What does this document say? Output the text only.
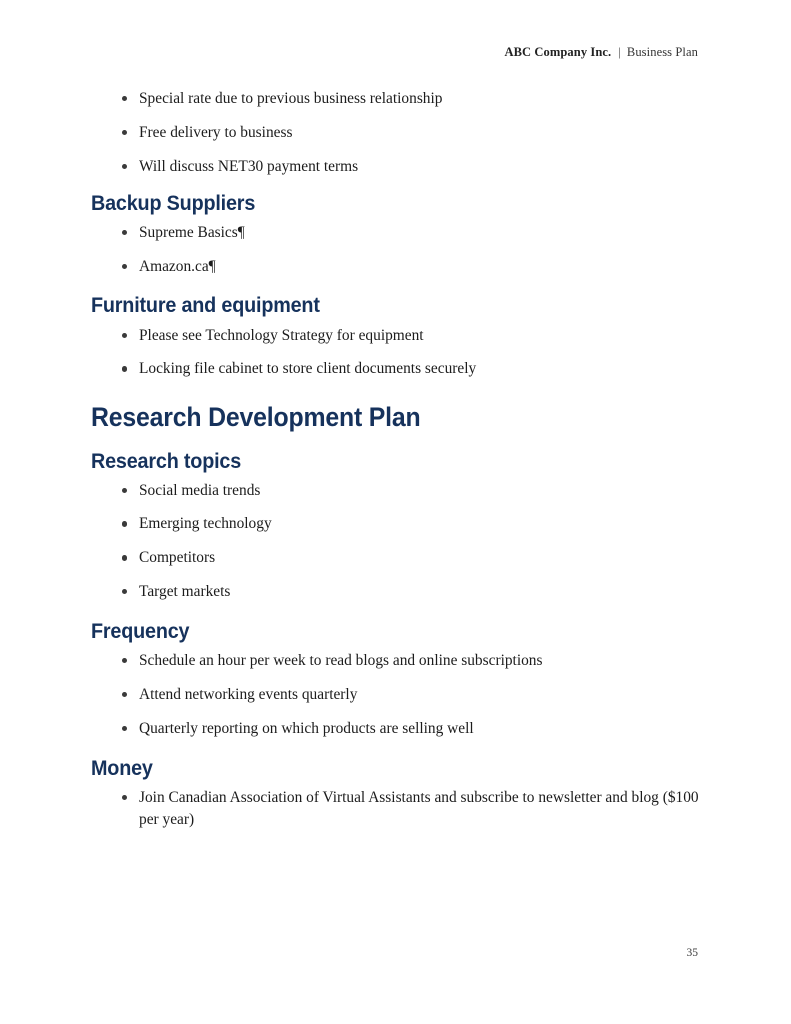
ABC Company Inc. | Business Plan
Special rate due to previous business relationship
Free delivery to business
Will discuss NET30 payment terms
Backup Suppliers
Supreme Basics¶
Amazon.ca¶
Furniture and equipment
Please see Technology Strategy for equipment
Locking file cabinet to store client documents securely
Research Development Plan
Research topics
Social media trends
Emerging technology
Competitors
Target markets
Frequency
Schedule an hour per week to read blogs and online subscriptions
Attend networking events quarterly
Quarterly reporting on which products are selling well
Money
Join Canadian Association of Virtual Assistants and subscribe to newsletter and blog ($100 per year)
35
